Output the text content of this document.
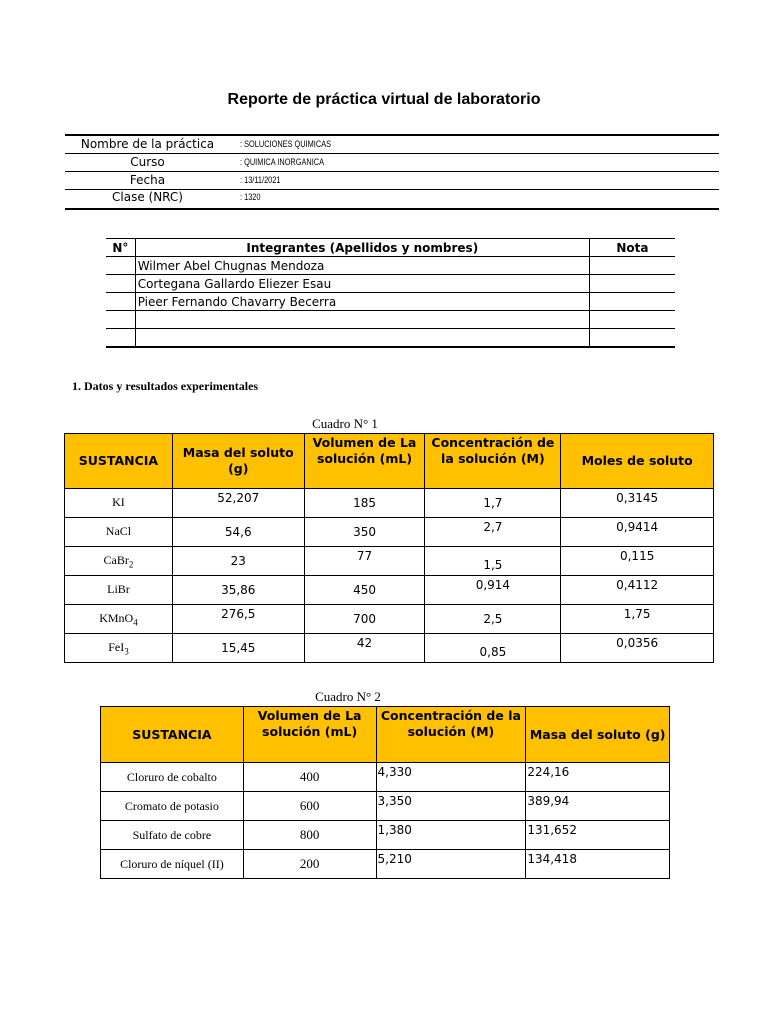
Reporte de práctica virtual de laboratorio
Nombre de la práctica	: SOLUCIONES QUIMICAS
Curso	: QUIMICA INORGANICA
Fecha	: 13/11/2021
Clase (NRC)	: 1320
N°	Integrantes (Apellidos y nombres)	Nota
	Wilmer Abel Chugnas Mendoza	
	Cortegana Gallardo Eliezer Esau	
	Pieer Fernando Chavarry Becerra	

1. Datos y resultados experimentales
Cuadro N° 1
SUSTANCIA	Masa del soluto (g)	Volumen de La solución (mL)	Concentración de la solución (M)	Moles de soluto
KI	52,207	185	1,7	0,3145
NaCl	54,6	350	2,7	0,9414
CaBr$_2$	23	77	1,5	0,115
LiBr	35,86	450	0,914	0,4112
KMnO$_4$	276,5	700	2,5	1,75
FeI$_3$	15,45	42	0,85	0,0356
Cuadro N° 2
SUSTANCIA	Volumen de La solución (mL)	Concentración de la solución (M)	Masa del soluto (g)
Cloruro de cobalto	400	4,330	224,16
Cromato de potasio	600	3,350	389,94
Sulfato de cobre	800	1,380	131,652
Cloruro de níquel (II)	200	5,210	134,418
